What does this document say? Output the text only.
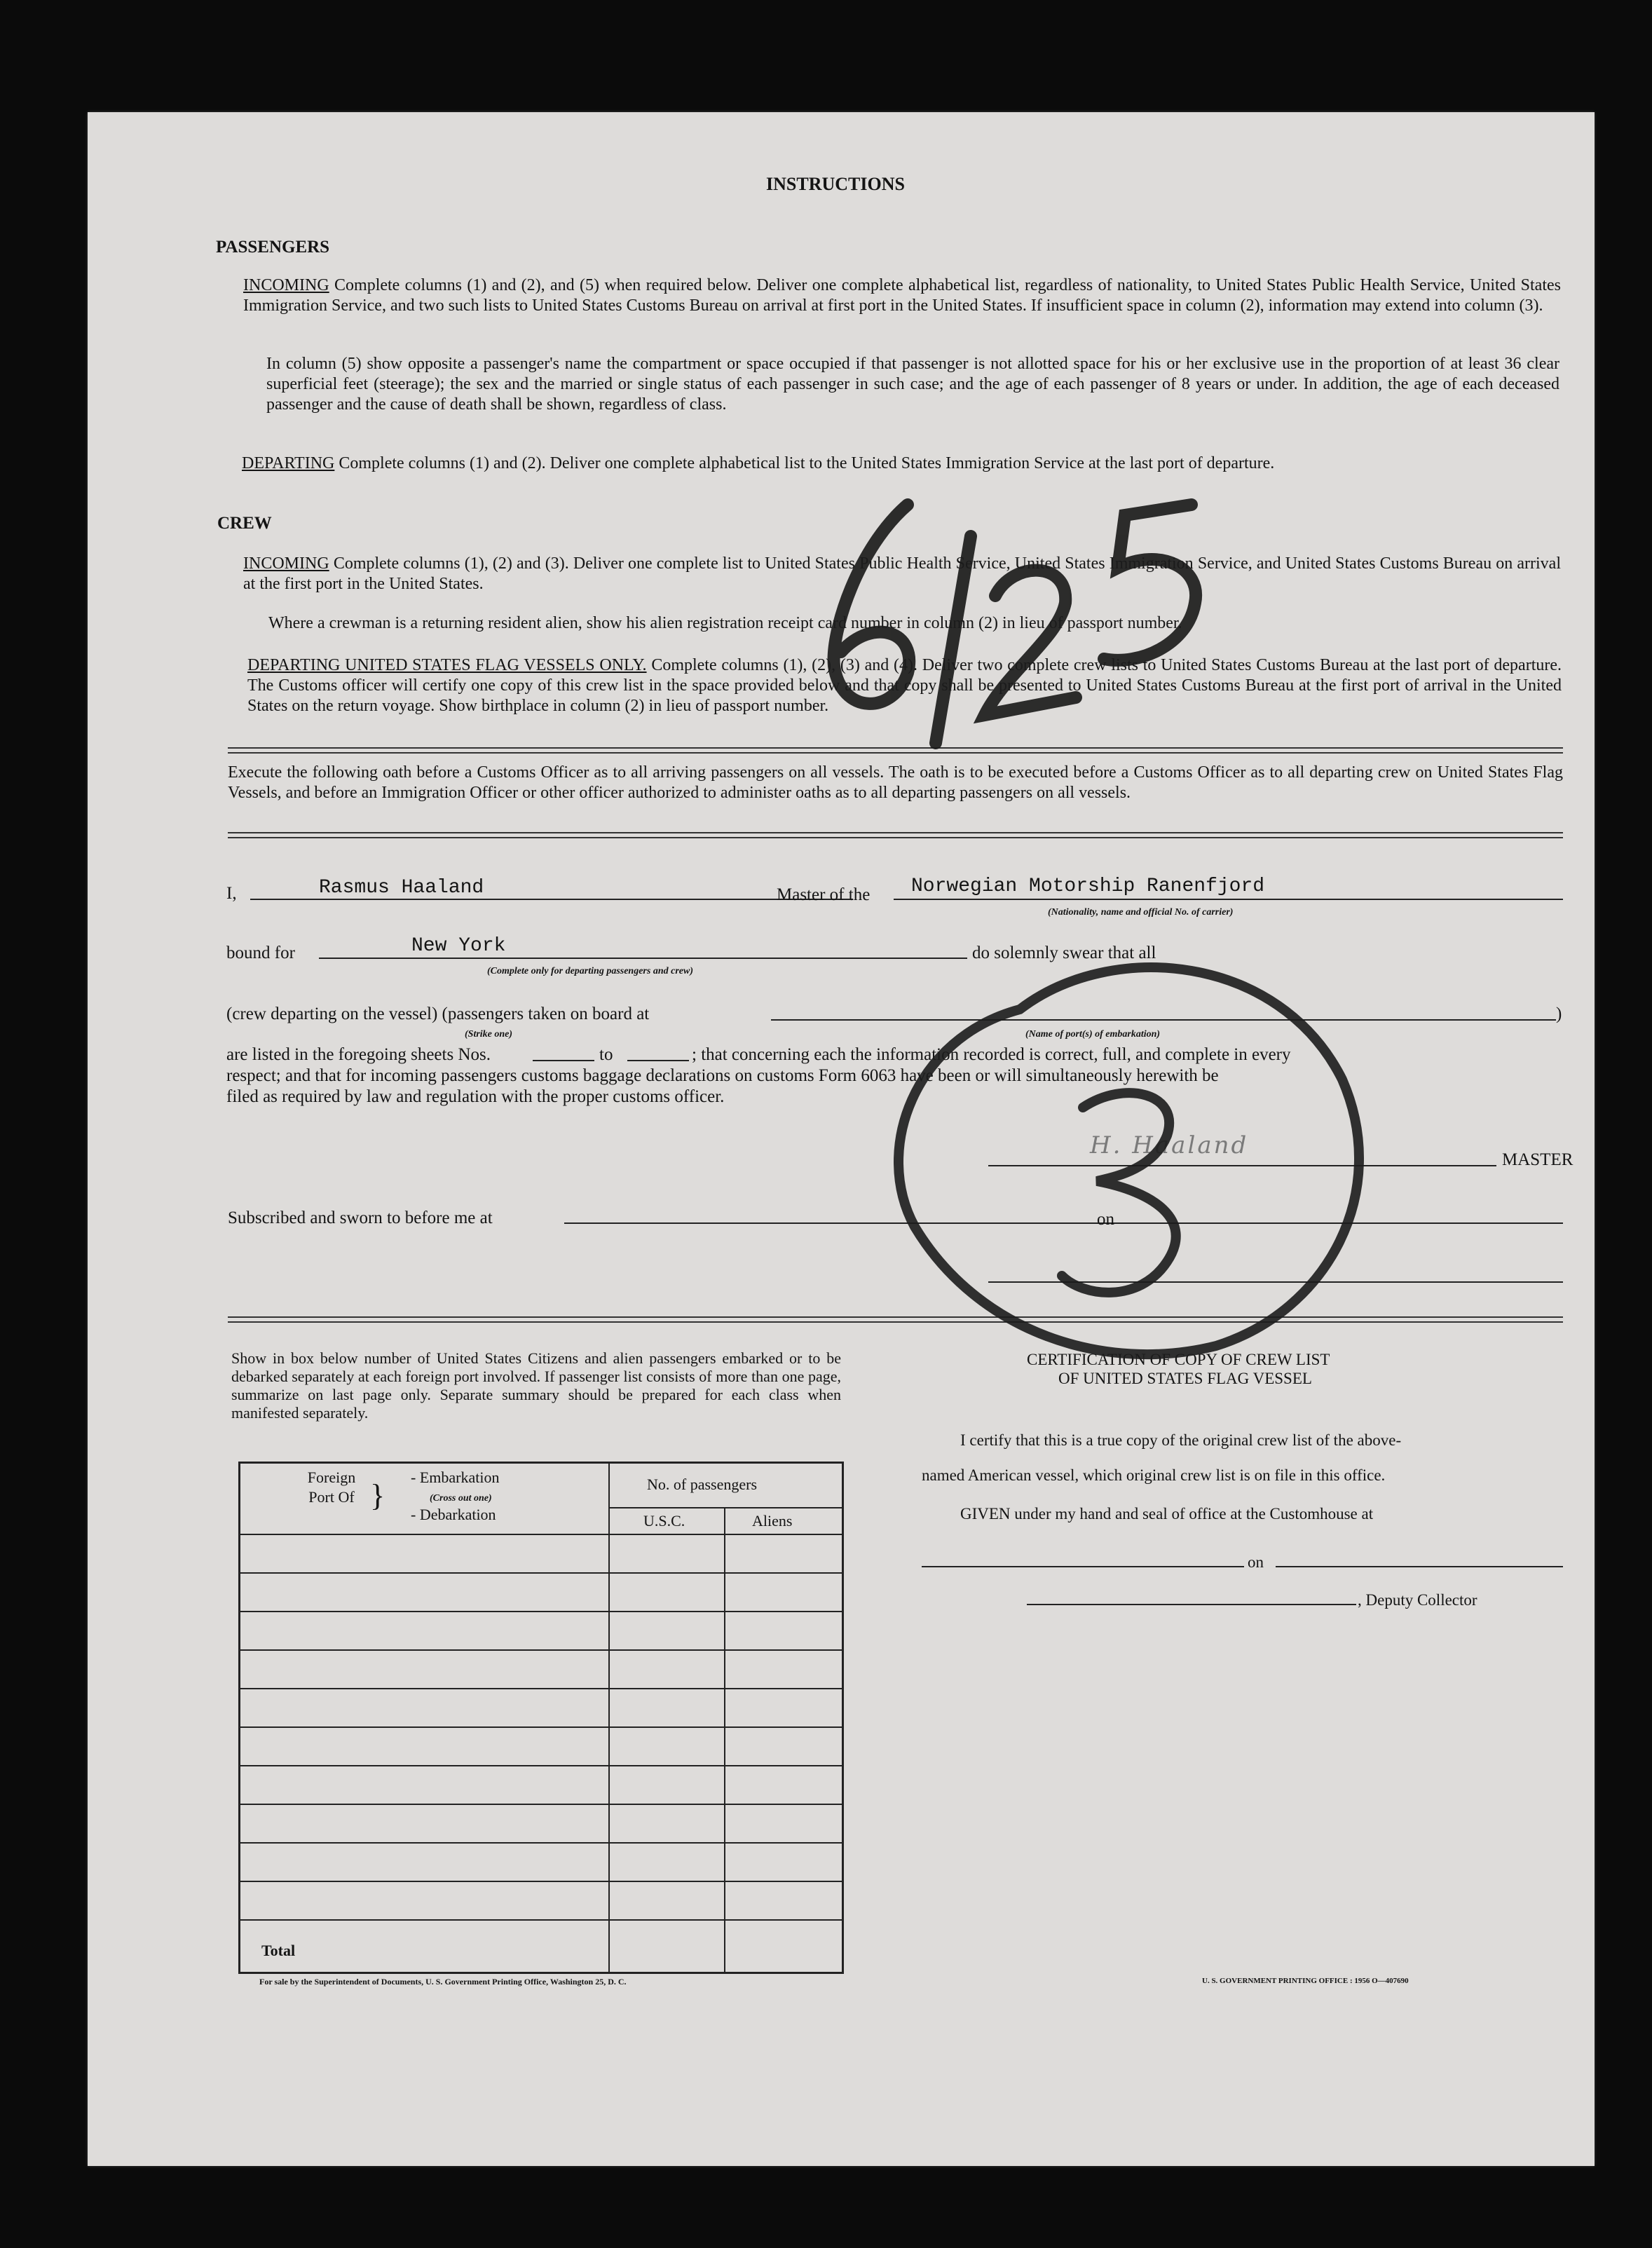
INSTRUCTIONS
PASSENGERS
INCOMING Complete columns (1) and (2), and (5) when required below. Deliver one complete alphabetical list, regardless of nationality, to United States Public Health Service, United States Immigration Service, and two such lists to United States Customs Bureau on arrival at first port in the United States. If insufficient space in column (2), information may extend into column (3).
In column (5) show opposite a passenger's name the compartment or space occupied if that passenger is not allotted space for his or her exclusive use in the proportion of at least 36 clear superficial feet (steerage); the sex and the married or single status of each passenger in such case; and the age of each passenger of 8 years or under. In addition, the age of each deceased passenger and the cause of death shall be shown, regardless of class.
DEPARTING Complete columns (1) and (2). Deliver one complete alphabetical list to the United States Immigration Service at the last port of departure.
CREW
INCOMING Complete columns (1), (2) and (3). Deliver one complete list to United States Public Health Service, United States Immigration Service, and United States Customs Bureau on arrival at the first port in the United States.
Where a crewman is a returning resident alien, show his alien registration receipt card number in column (2) in lieu of passport number.
DEPARTING UNITED STATES FLAG VESSELS ONLY. Complete columns (1), (2), (3) and (4). Deliver two complete crew lists to United States Customs Bureau at the last port of departure. The Customs officer will certify one copy of this crew list in the space provided below and that copy shall be presented to United States Customs Bureau at the first port of arrival in the United States on the return voyage. Show birthplace in column (2) in lieu of passport number.
Execute the following oath before a Customs Officer as to all arriving passengers on all vessels. The oath is to be executed before a Customs Officer as to all departing crew on United States Flag Vessels, and before an Immigration Officer or other officer authorized to administer oaths as to all departing passengers on all vessels.
I,	Rasmus Haaland	Master of the Norwegian Motorship Ranenfjord
(Nationality, name and official No. of carrier)
bound for	New York
(Complete only for departing passengers and crew)
do solemnly swear that all
(crew departing on the vessel) (passengers taken on board at
(Strike one)	(Name of port(s) of embarkation)
)
are listed in the foregoing sheets Nos.	to	; that concerning each the information recorded is correct, full, and complete in every
respect; and that for incoming passengers customs baggage declarations on customs Form 6063 have been or will simultaneously herewith be
filed as required by law and regulation with the proper customs officer.
H. Haaland
MASTER
Subscribed and sworn to before me at	on
Show in box below number of United States Citizens and alien passengers embarked or to be debarked separately at each foreign port involved. If passenger list consists of more than one page, summarize on last page only. Separate summary should be prepared for each class when manifested separately.
Foreign Port Of }
- Embarkation
(Cross out one)
- Debarkation
No. of passengers
U.S.C.	Aliens
Total
CERTIFICATION OF COPY OF CREW LIST
OF UNITED STATES FLAG VESSEL
I certify that this is a true copy of the original crew list of the above-
named American vessel, which original crew list is on file in this office.
GIVEN under my hand and seal of office at the Customhouse at
on
, Deputy Collector
For sale by the Superintendent of Documents, U. S. Government Printing Office, Washington 25, D. C.	U. S. GOVERNMENT PRINTING OFFICE : 1956 O—407690
